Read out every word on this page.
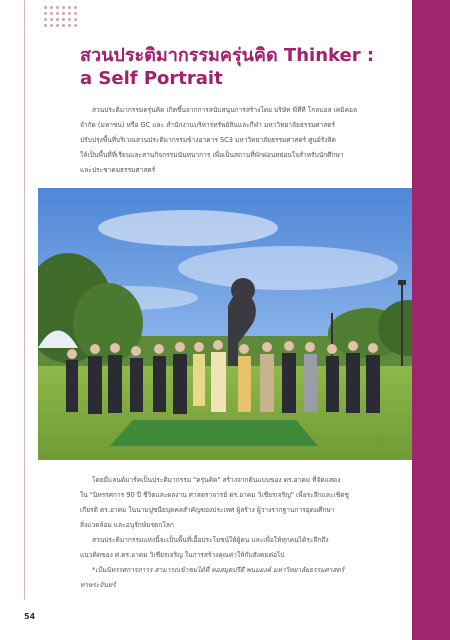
สวนประติมากรรมครุ่นคิด Thinker :
a Self Portrait
สวนประติมากรรมครุ่นคิด เกิดขึ้นจากการสนับสนุนการสร้างโดย บริษัท พีทีที โกลบอล เคมิคอล
จำกัด (มหาชน) หรือ GC และ สำนักงานบริหารทรัพย์สินและกีฬา มหาวิทยาลัยธรรมศาสตร์
ปรับปรุงพื้นที่บริเวณสวนประติมากรรมข้างอาคาร SC3 มหาวิทยาลัยธรรมศาสตร์ ศูนย์รังสิต
ให้เป็นพื้นที่ที่เรียนและสานกิจกรรมนันทนาการ เพื่อเป็นสถานที่พักผ่อนหย่อนใจสำหรับนักศึกษา
และประชาคมธรรมศาสตร์
โดยมีแลนด์มาร์คเป็นประติมากรรม "ครุ่นคิด" สร้างจากต้นแบบของ ดร.อาคม ที่จัดแสดง
ใน "นิทรรศการ 90 ปี ชีวิตและผลงาน ศาสตราจารย์ ดร.อาคม วิเชียรเจริญ" เพื่อระลึกและเชิดชู
เกียรติ ดร.อาคม ในนามปูชนียบุคคลสำคัญของประเทศ ผู้สร้าง ผู้วางรากฐานการอุดมศึกษา
สิ่งแวดล้อม และอนุรักษ์มรดกโลก
สวนประติมากรรมแห่งนี้จะเป็นพื้นที่เอื้อประโยชน์ให้ผู้คน และเพื่อให้ทุกคนได้ระลึกถึง
แนวคิดของ ศ.ดร.อาคม วิเชียรเจริญ ในการสร้างคุณค่าให้กับสังคมต่อไป
*เป็นนิทรรศการถาวร สามารถเข้าชมได้ที่ หอสมุดปรีดี พนมยงค์ มหาวิทยาลัยธรรมศาสตร์
ท่าพระจันทร์
54
